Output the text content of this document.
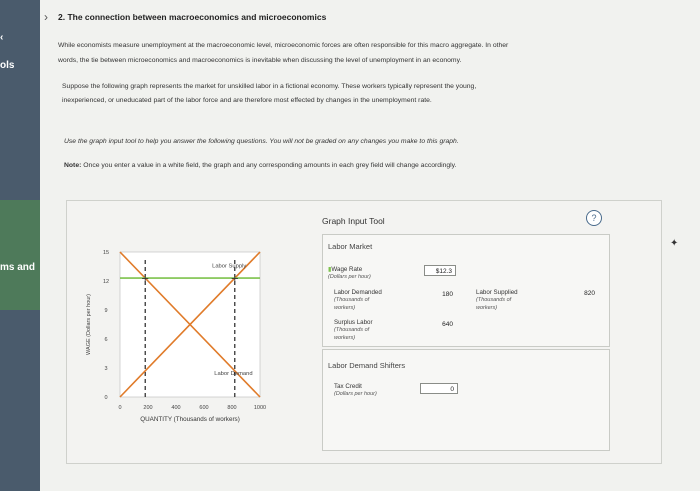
‹
ols
ms and
› 2. The connection between macroeconomics and microeconomics
While economists measure unemployment at the macroeconomic level, microeconomic forces are often responsible for this macro aggregate. In other
words, the tie between microeconomics and macroeconomics is inevitable when discussing the level of unemployment in an economy.
Suppose the following graph represents the market for unskilled labor in a fictional economy. These workers typically represent the young,
inexperienced, or uneducated part of the labor force and are therefore most effected by changes in the unemployment rate.
Use the graph input tool to help you answer the following questions. You will not be graded on any changes you make to this graph.
Note: Once you enter a value in a white field, the graph and any corresponding amounts in each grey field will change accordingly.
0	200	400	600	800	1000
0
3
6
9
12
15
QUANTITY (Thousands of workers)
WAGE (Dollars per hour)
+	+
Labor Supply
Labor Demand
Graph Input Tool	?
Labor Market
▮Wage Rate
(Dollars per hour)
$12.3
Labor Demanded
(Thousands of
workers)
180	Labor Supplied
(Thousands of
workers)
820
Surplus Labor
(Thousands of
workers)
640
Labor Demand Shifters
Tax Credit
(Dollars per hour)
0
✦
